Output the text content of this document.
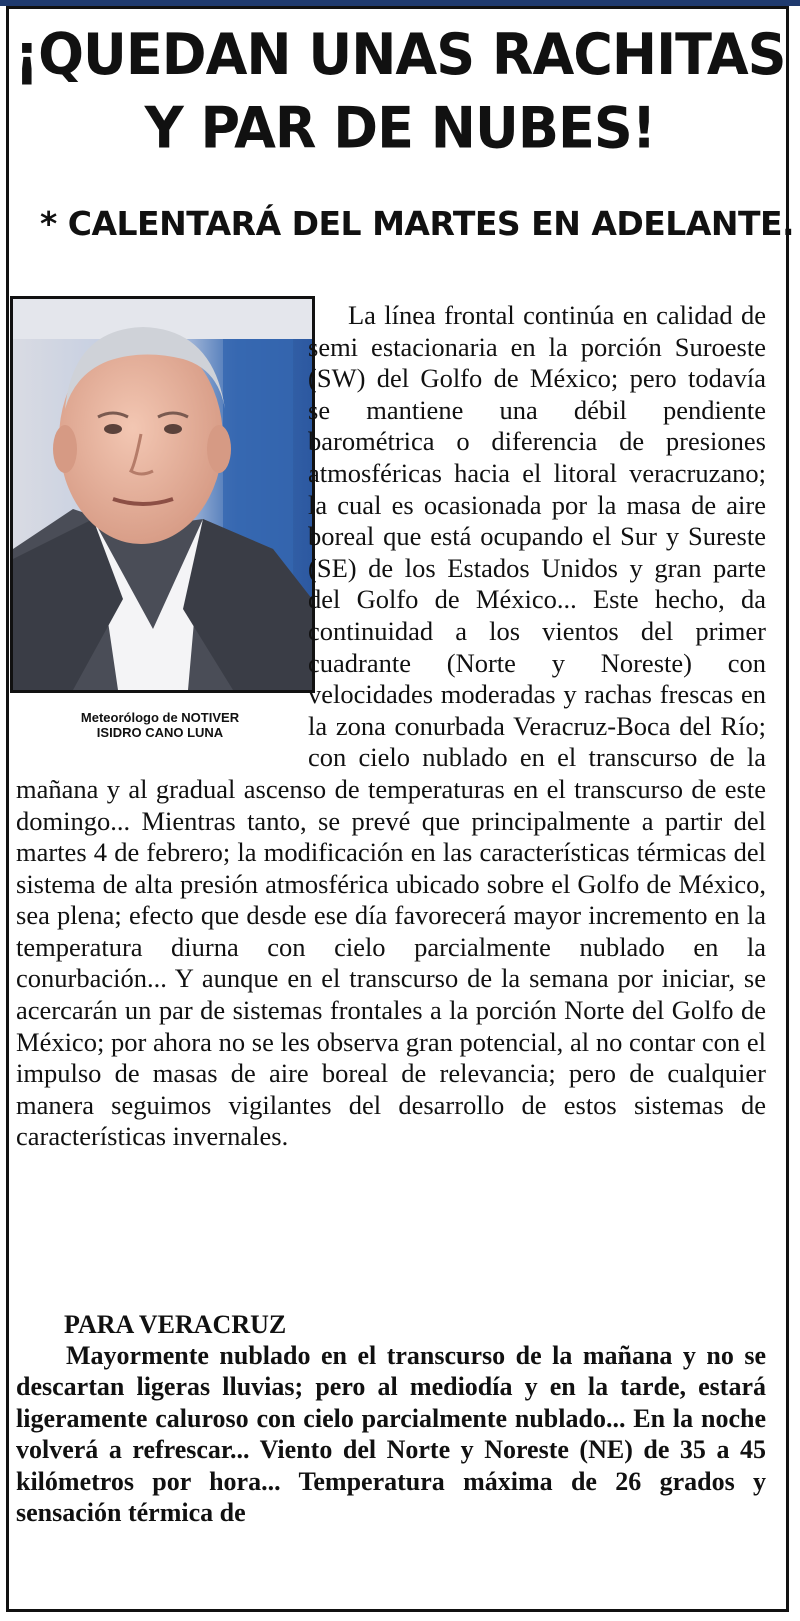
¡QUEDAN UNAS RACHITAS
Y PAR DE NUBES!
* CALENTARÁ DEL MARTES EN ADELANTE.
Meteorólogo de NOTIVER
ISIDRO CANO LUNA

La línea frontal continúa en calidad de semi estacionaria en la porción Suroeste (SW) del Golfo de México; pero todavía se mantiene una débil pendiente barométrica o diferencia de presiones atmosféricas hacia el litoral veracruzano; la cual es ocasionada por la masa de aire boreal que está ocupando el Sur y Sureste (SE) de los Estados Unidos y gran parte del Golfo de México... Este hecho, da continuidad a los vientos del primer cuadrante (Norte y Noreste) con velocidades moderadas y rachas frescas en la zona conurbada Veracruz-Boca del Río; con cielo nublado en el transcurso de la mañana y al gradual ascenso de temperaturas en el transcurso de este domingo... Mientras tanto, se prevé que principalmente a partir del martes 4 de febrero; la modificación en las características térmicas del sistema de alta presión atmosférica ubicado sobre el Golfo de México, sea plena; efecto que desde ese día favorecerá mayor incremento en la temperatura diurna con cielo parcialmente nublado en la conurbación... Y aunque en el transcurso de la semana por iniciar, se acercarán un par de sistemas frontales a la porción Norte del Golfo de México; por ahora no se les observa gran potencial, al no contar con el impulso de masas de aire boreal de relevancia; pero de cualquier manera seguimos vigilantes del desarrollo de estos sistemas de características invernales.

PARA VERACRUZ
Mayormente nublado en el transcurso de la mañana y no se descartan ligeras lluvias; pero al mediodía y en la tarde, estará ligeramente caluroso con cielo parcialmente nublado... En la noche volverá a refrescar... Viento del Norte y Noreste (NE) de 35 a 45 kilómetros por hora... Temperatura máxima de 26 grados y sensación térmica de
